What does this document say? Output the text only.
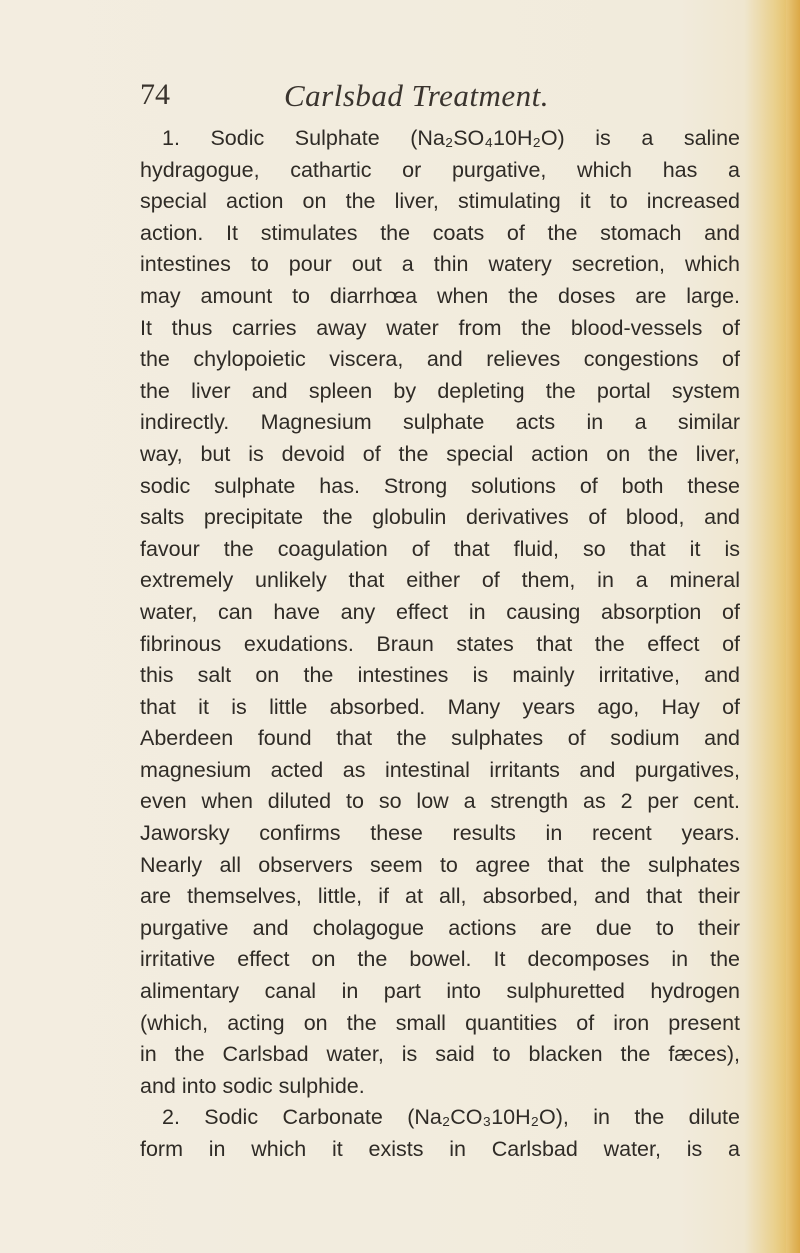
74	Carlsbad Treatment.
1. Sodic Sulphate (Na₂SO₄10H₂O) is a saline
hydragogue, cathartic or purgative, which has a
special action on the liver, stimulating it to increased
action. It stimulates the coats of the stomach and
intestines to pour out a thin watery secretion, which
may amount to diarrhœa when the doses are large.
It thus carries away water from the blood-vessels of
the chylopoietic viscera, and relieves congestions of
the liver and spleen by depleting the portal system
indirectly. Magnesium sulphate acts in a similar
way, but is devoid of the special action on the liver,
sodic sulphate has. Strong solutions of both these
salts precipitate the globulin derivatives of blood, and
favour the coagulation of that fluid, so that it is
extremely unlikely that either of them, in a mineral
water, can have any effect in causing absorption of
fibrinous exudations. Braun states that the effect of
this salt on the intestines is mainly irritative, and
that it is little absorbed. Many years ago, Hay of
Aberdeen found that the sulphates of sodium and
magnesium acted as intestinal irritants and purgatives,
even when diluted to so low a strength as 2 per cent.
Jaworsky confirms these results in recent years.
Nearly all observers seem to agree that the sulphates
are themselves, little, if at all, absorbed, and that their
purgative and cholagogue actions are due to their
irritative effect on the bowel. It decomposes in the
alimentary canal in part into sulphuretted hydrogen
(which, acting on the small quantities of iron present
in the Carlsbad water, is said to blacken the fæces),
and into sodic sulphide.
2. Sodic Carbonate (Na₂CO₃10H₂O), in the dilute
form in which it exists in Carlsbad water, is a
